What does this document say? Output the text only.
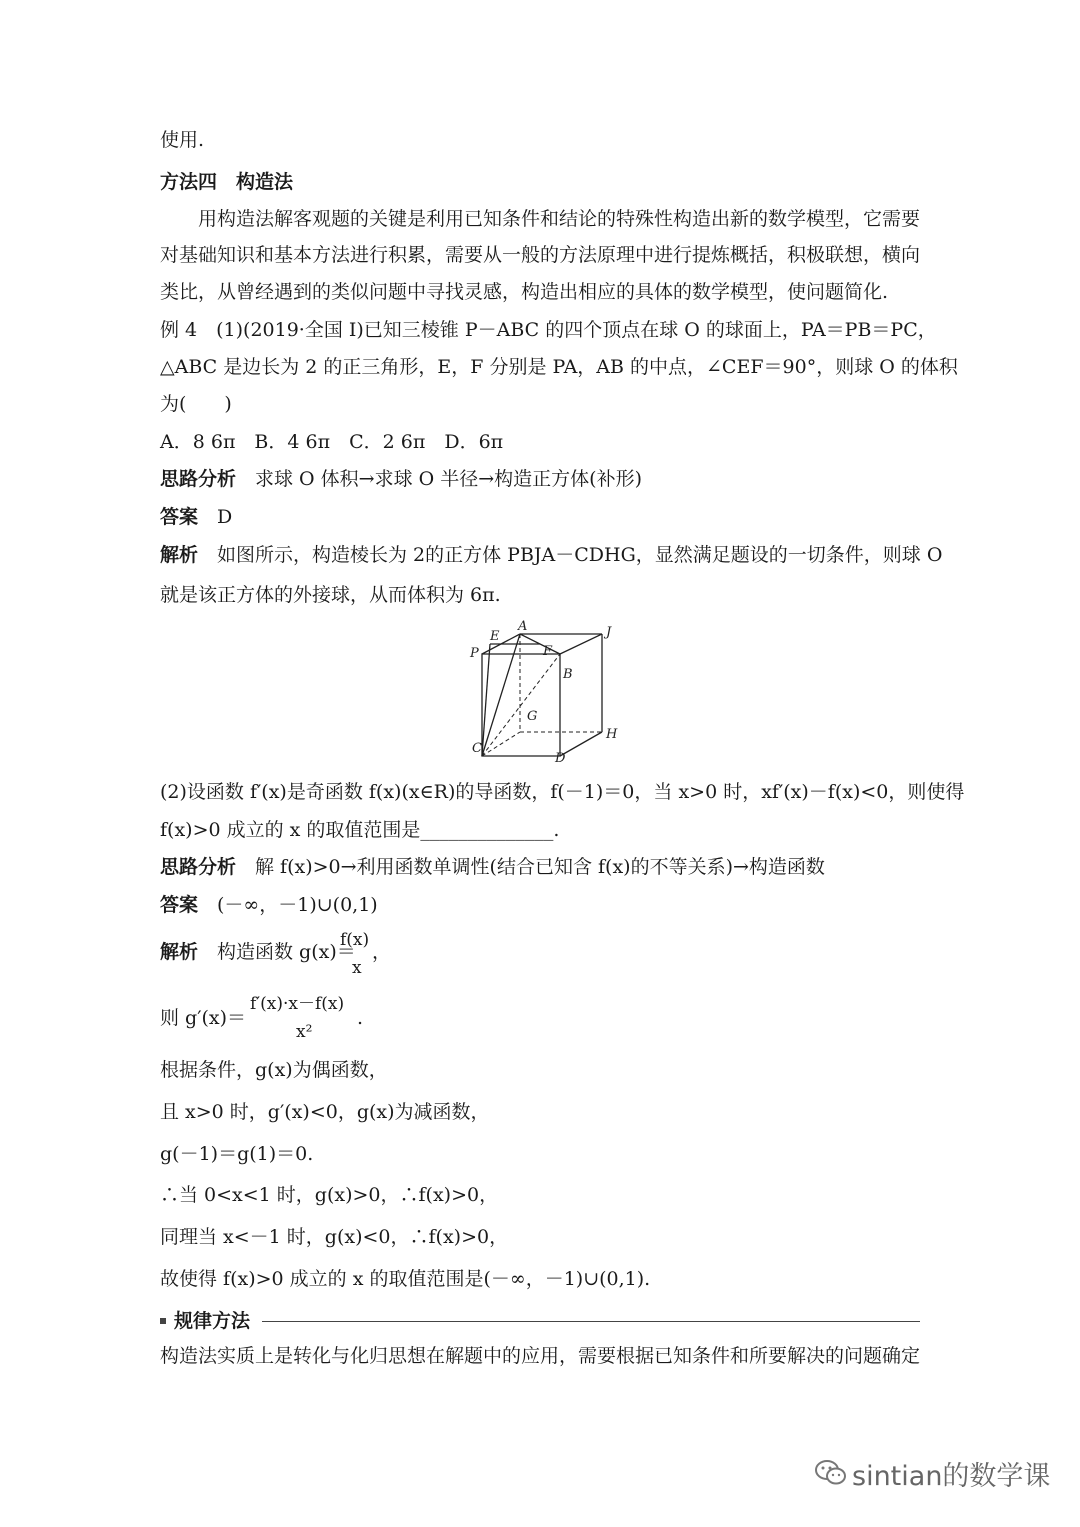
使用.
方法四　构造法
　　用构造法解客观题的关键是利用已知条件和结论的特殊性构造出新的数学模型，它需要
对基础知识和基本方法进行积累，需要从一般的方法原理中进行提炼概括，积极联想，横向
类比，从曾经遇到的类似问题中寻找灵感，构造出相应的具体的数学模型，使问题简化.
例 4　(1)(2019·全国 Ⅰ)已知三棱锥 P－ABC 的四个顶点在球 O 的球面上，PA＝PB＝PC，
△ABC 是边长为 2 的正三角形，E，F 分别是 PA，AB 的中点，∠CEF＝90°，则球 O 的体积
为(　　)
A．8 6π　B．4 6π　C．2 6π　D．6π
思路分析　求球 O 体积→求球 O 半径→构造正方体(补形)
答案　D
解析　如图所示，构造棱长为 2的正方体 PBJA－CDHG，显然满足题设的一切条件，则球 O
就是该正方体的外接球，从而体积为 6π.
A
E
F
P
J
B
G
C
H
D
(2)设函数 f′(x)是奇函数 f(x)(x∈R)的导函数，f(－1)＝0，当 x>0 时，xf′(x)－f(x)<0，则使得
f(x)>0 成立的 x 的取值范围是______________.
思路分析　解 f(x)>0→利用函数单调性(结合已知含 f(x)的不等关系)→构造函数
答案　(－∞，－1)∪(0,1)
解析　构造函数 g(x)＝
f(x)
x
，
则 g′(x)＝
f′(x)·x－f(x)
x²
.
根据条件，g(x)为偶函数，
且 x>0 时，g′(x)<0，g(x)为减函数，
g(－1)＝g(1)＝0.
∴当 0<x<1 时，g(x)>0，∴f(x)>0，
同理当 x<－1 时，g(x)<0，∴f(x)>0，
故使得 f(x)>0 成立的 x 的取值范围是(－∞，－1)∪(0,1).
规律方法
构造法实质上是转化与化归思想在解题中的应用，需要根据已知条件和所要解决的问题确定
sintian的数学课
